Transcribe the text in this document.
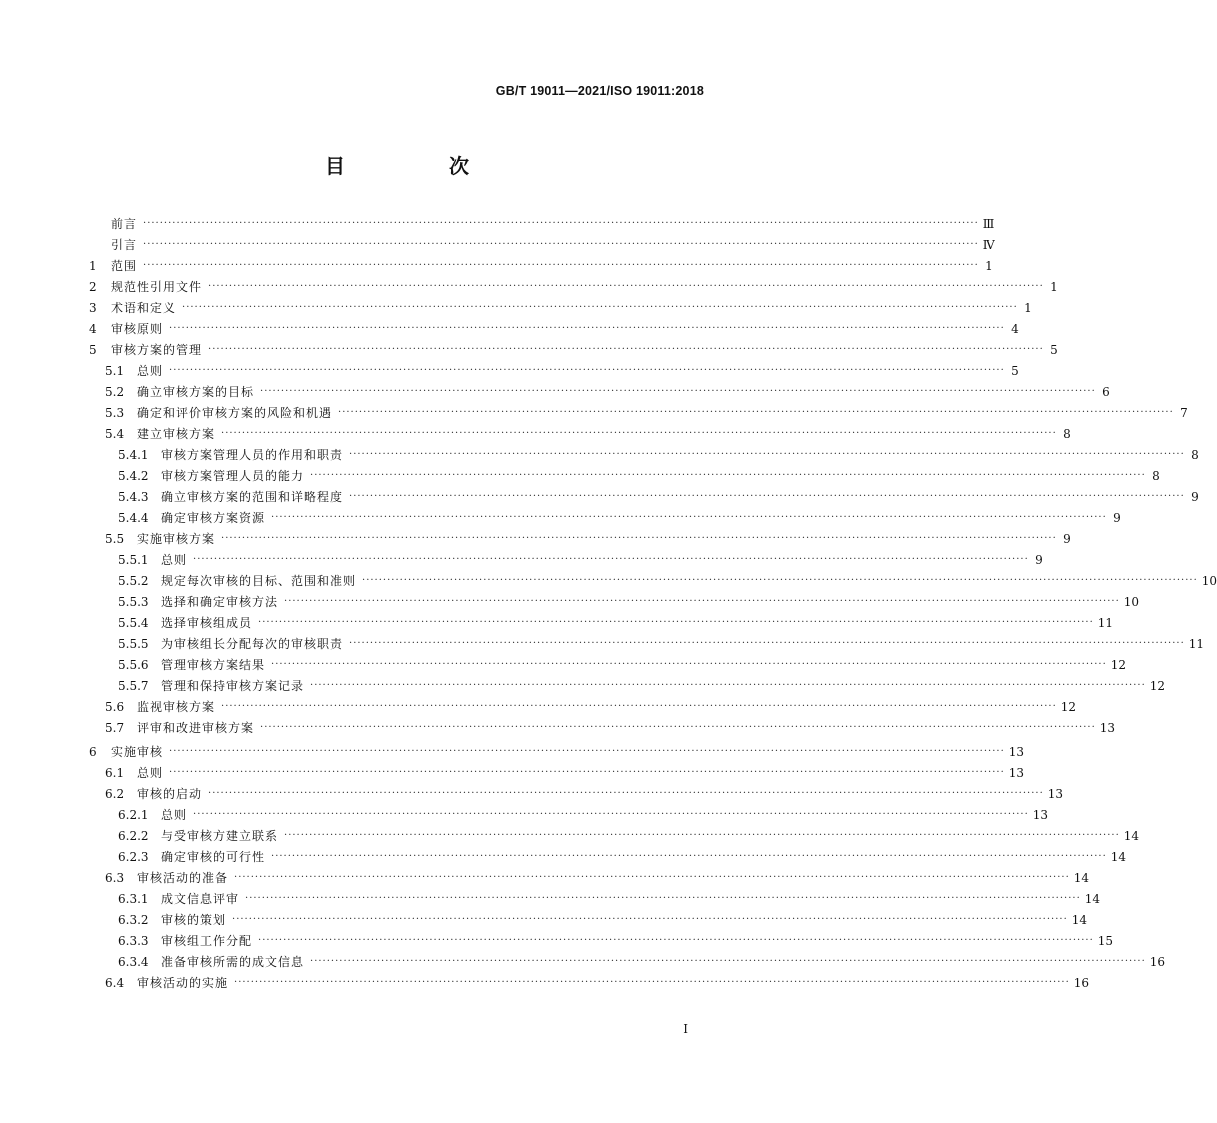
GB/T 19011—2021/ISO 19011:2018
目　次
前言 ········································································································································································································ Ⅲ
引言 ········································································································································································································ Ⅳ
1	范围 ········································································································································································································ 1
2	规范性引用文件 ········································································································································································································ 1
3	术语和定义 ········································································································································································································ 1
4	审核原则 ········································································································································································································ 4
5	审核方案的管理 ········································································································································································································ 5
5.1	总则 ········································································································································································································ 5
5.2	确立审核方案的目标 ········································································································································································································ 6
5.3	确定和评价审核方案的风险和机遇 ········································································································································································································ 7
5.4	建立审核方案 ········································································································································································································ 8
5.4.1	审核方案管理人员的作用和职责 ········································································································································································································ 8
5.4.2	审核方案管理人员的能力 ········································································································································································································ 8
5.4.3	确立审核方案的范围和详略程度 ········································································································································································································ 9
5.4.4	确定审核方案资源 ········································································································································································································ 9
5.5	实施审核方案 ········································································································································································································ 9
5.5.1	总则 ········································································································································································································ 9
5.5.2	规定每次审核的目标、范围和准则 ········································································································································································································ 10
5.5.3	选择和确定审核方法 ········································································································································································································ 10
5.5.4	选择审核组成员 ········································································································································································································ 11
5.5.5	为审核组长分配每次的审核职责 ········································································································································································································ 11
5.5.6	管理审核方案结果 ········································································································································································································ 12
5.5.7	管理和保持审核方案记录 ········································································································································································································ 12
5.6	监视审核方案 ········································································································································································································ 12
5.7	评审和改进审核方案 ········································································································································································································ 13
6	实施审核 ········································································································································································································ 13
6.1	总则 ········································································································································································································ 13
6.2	审核的启动 ········································································································································································································ 13
6.2.1	总则 ········································································································································································································ 13
6.2.2	与受审核方建立联系 ········································································································································································································ 14
6.2.3	确定审核的可行性 ········································································································································································································ 14
6.3	审核活动的准备 ········································································································································································································ 14
6.3.1	成文信息评审 ········································································································································································································ 14
6.3.2	审核的策划 ········································································································································································································ 14
6.3.3	审核组工作分配 ········································································································································································································ 15
6.3.4	准备审核所需的成文信息 ········································································································································································································ 16
6.4	审核活动的实施 ········································································································································································································ 16
I
